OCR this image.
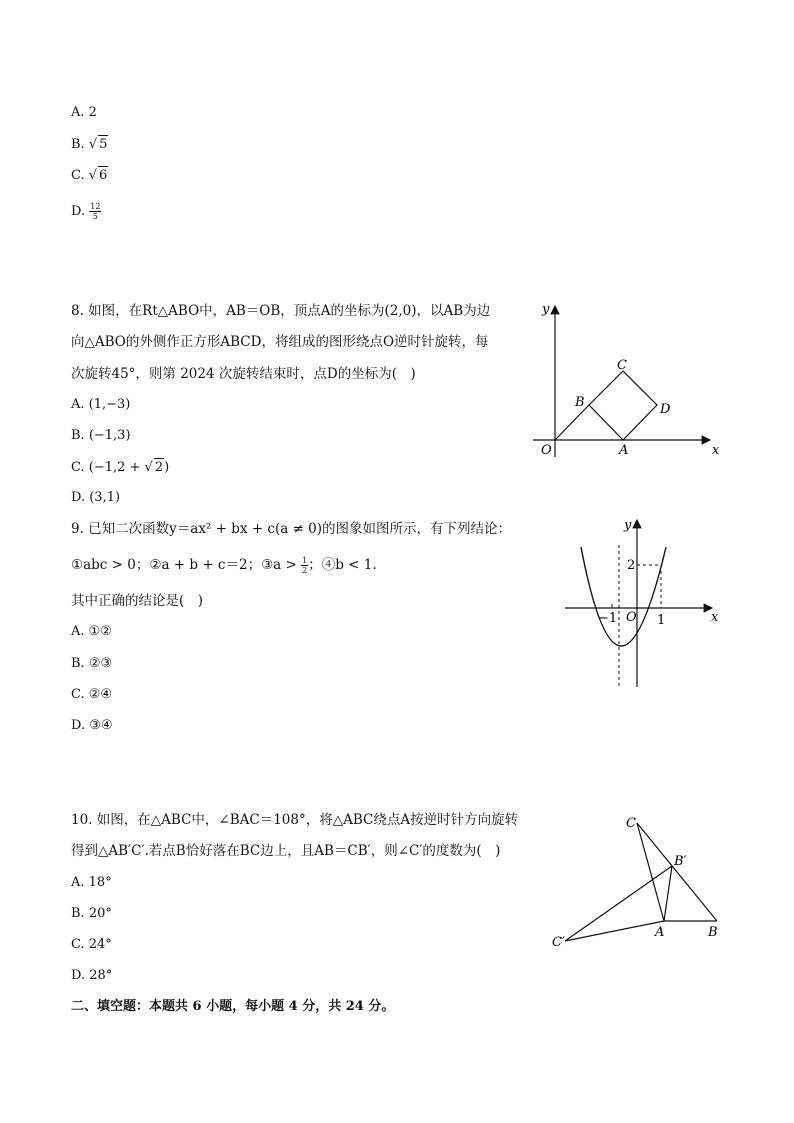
A. 2
B. √ 5
C. √ 6
D. $\frac{12}{5}$
8. 如图，在Rt△ABO中，AB＝OB，顶点A的坐标为(2,0)，以AB为边
向△ABO的外侧作正方形ABCD，将组成的图形绕点O逆时针旋转，每
次旋转45°，则第 2024 次旋转结束时，点D的坐标为(　)
A. (1,−3)
B. (−1,3)
C. (−1,2 + √ 2)
D. (3,1)
y
x
O	A
B
C
D
9. 已知二次函数y＝ax² + bx + c(a ≠ 0)的图象如图所示，有下列结论：
①abc > 0；②a + b + c＝2；③a > $\frac{1}{2}$ ；④b < 1.
其中正确的结论是(　)
A. ①②
B. ②③
C. ②④
D. ③④
y
x
O
2
−1	1
10. 如图，在△ABC中，∠BAC＝108°，将△ABC绕点A按逆时针方向旋转
得到△AB′C′.若点B恰好落在BC边上，且AB＝CB′，则∠C′的度数为(　)
A. 18°
B. 20°
C. 24°
D. 28°
C
B′
C′
A	B
二、填空题：本题共 6 小题，每小题 4 分，共 24 分。
